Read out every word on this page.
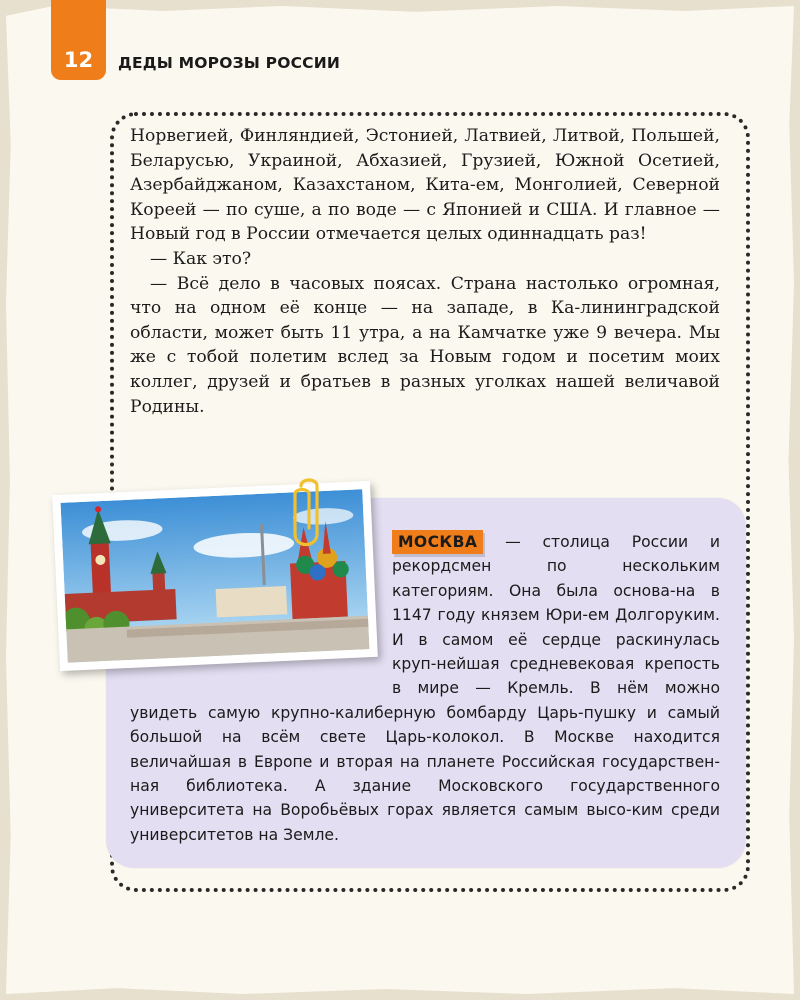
12 ДЕДЫ МОРОЗЫ РОССИИ

Норвегией, Финляндией, Эстонией, Латвией, Литвой, Польшей, Беларусью, Украиной, Абхазией, Грузией, Южной Осетией, Азербайджаном, Казахстаном, Кита-ем, Монголией, Северной Кореей — по суше, а по воде — с Японией и США. И главное — Новый год в России отмечается целых одиннадцать раз!

— Как это?

— Всё дело в часовых поясах. Страна настолько огромная, что на одном её конце — на западе, в Ка-лининградской области, может быть 11 утра, а на Камчатке уже 9 вечера. Мы же с тобой полетим вслед за Новым годом и посетим моих коллег, друзей и братьев в разных уголках нашей величавой Родины.

МОСКВА — столица России и рекордсмен по нескольким категориям. Она была основа-на в 1147 году князем Юри-ем Долгоруким. И в самом её сердце раскинулась круп-нейшая средневековая крепость в мире — Кремль. В нём можно увидеть самую крупно-калиберную бомбарду Царь-пушку и самый большой на всём свете Царь-колокол. В Москве находится величайшая в Европе и вторая на планете Российская государствен-ная библиотека. А здание Московского государственного университета на Воробьёвых горах является самым высо-ким среди университетов на Земле.
